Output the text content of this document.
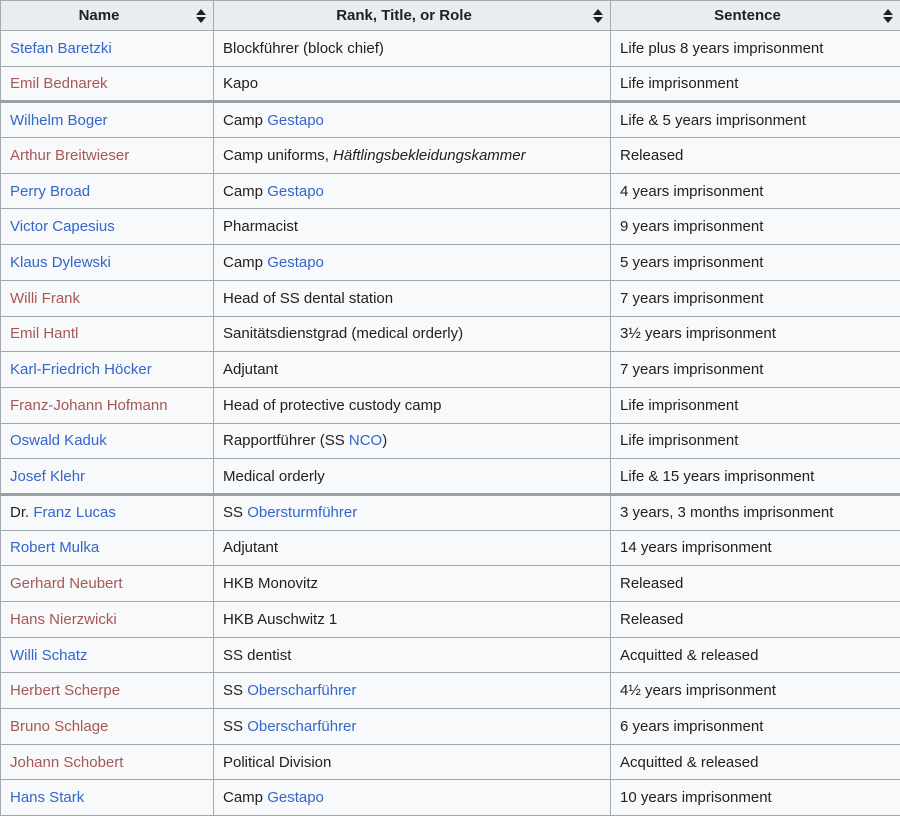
Name	Rank, Title, or Role	Sentence

Stefan Baretzki	Blockführer (block chief)	Life plus 8 years imprisonment
Emil Bednarek	Kapo	Life imprisonment
Wilhelm Boger	Camp Gestapo	Life & 5 years imprisonment
Arthur Breitwieser	Camp uniforms, Häftlingsbekleidungskammer	Released
Perry Broad	Camp Gestapo	4 years imprisonment
Victor Capesius	Pharmacist	9 years imprisonment
Klaus Dylewski	Camp Gestapo	5 years imprisonment
Willi Frank	Head of SS dental station	7 years imprisonment
Emil Hantl	Sanitätsdienstgrad (medical orderly)	3½ years imprisonment
Karl-Friedrich Höcker	Adjutant	7 years imprisonment
Franz-Johann Hofmann	Head of protective custody camp	Life imprisonment
Oswald Kaduk	Rapportführer (SS NCO)	Life imprisonment
Josef Klehr	Medical orderly	Life & 15 years imprisonment
Dr. Franz Lucas	SS Obersturmführer	3 years, 3 months imprisonment
Robert Mulka	Adjutant	14 years imprisonment
Gerhard Neubert	HKB Monovitz	Released
Hans Nierzwicki	HKB Auschwitz 1	Released
Willi Schatz	SS dentist	Acquitted & released
Herbert Scherpe	SS Oberscharführer	4½ years imprisonment
Bruno Schlage	SS Oberscharführer	6 years imprisonment
Johann Schobert	Political Division	Acquitted & released
Hans Stark	Camp Gestapo	10 years imprisonment
